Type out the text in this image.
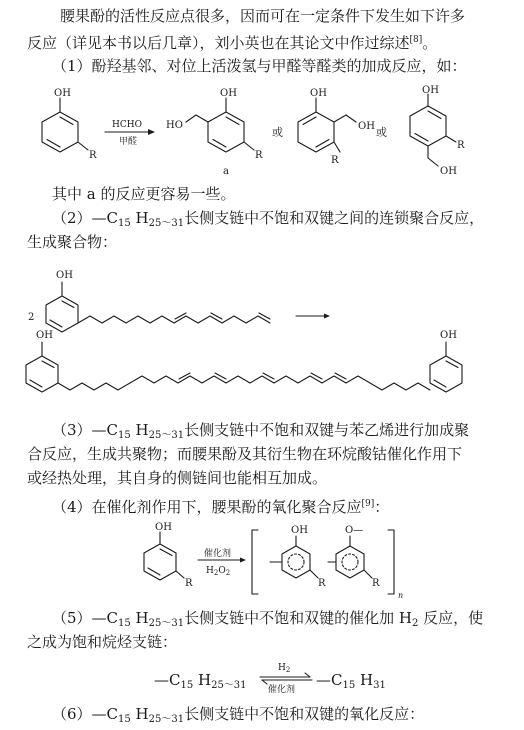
腰果酚的活性反应点很多，因而可在一定条件下发生如下许多

反应（详见本书以后几章），刘小英也在其论文中作过综述[8]。

（1）酚羟基邻、对位上活泼氢与甲醛等醛类的加成反应，如：

OH
R
HCHO
甲醛
OH
HO
R
a
或
OH
OH
R
或
OH
R
OH

其中 a 的反应更容易一些。

$(2)—C_{15}$ $H_{25\sim 31}$长侧支链中不饱和双键之间的连锁聚合反应，

生成聚合物：

2
OH
OH	OH

$(3)—C_{15}$ $H_{25\sim 31}$长侧支链中不饱和双键与苯乙烯进行加成聚

合反应，生成共聚物；而腰果酚及其衍生物在环烷酸钴催化作用下

或经热处理，其自身的侧链间也能相互加成。

（4）在催化剂作用下，腰果酚的氧化聚合反应[9]：

OH
R
催化剂
$H_2O_2$
OH
R
O—
R
n

$(5)—C_{15}$ $H_{25\sim 31}$长侧支链中不饱和双键的催化加 $H_2$ 反应，使

之成为饱和烷烃支链：

$—C_{15}$ $H_{25\sim 31}$
$H_2$
催化剂
$—C_{15}$ $H_{31}$

$(6)—C_{15}$ $H_{25\sim 31}$长侧支链中不饱和双键的氧化反应：
